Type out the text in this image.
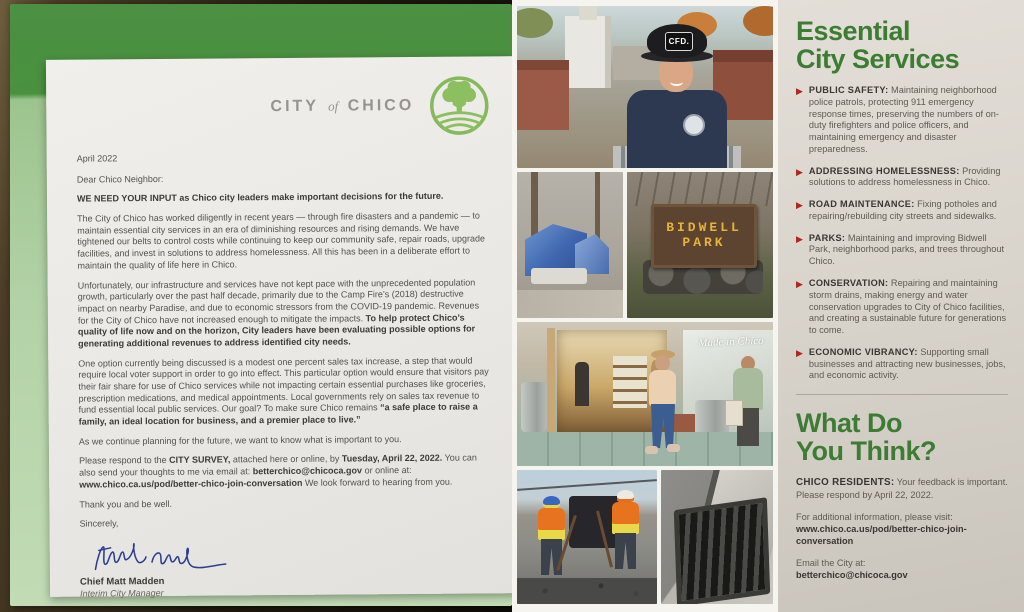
CITY of CHICO
April 2022
Dear Chico Neighbor:
WE NEED YOUR INPUT as Chico city leaders make important decisions for the future.
The City of Chico has worked diligently in recent years — through fire disasters and a pandemic — to maintain essential city services in an era of diminishing resources and rising demands. We have tightened our belts to control costs while continuing to keep our community safe, repair roads, upgrade facilities, and invest in solutions to address homelessness. All this has been in a deliberate effort to maintain the quality of life here in Chico.
Unfortunately, our infrastructure and services have not kept pace with the unprecedented population growth, particularly over the past half decade, primarily due to the Camp Fire’s (2018) destructive impact on nearby Paradise, and due to economic stressors from the COVID-19 pandemic. Revenues for the City of Chico have not increased enough to mitigate the impacts. To help protect Chico’s quality of life now and on the horizon, City leaders have been evaluating possible options for generating additional revenues to address identified city needs.
One option currently being discussed is a modest one percent sales tax increase, a step that would require local voter support in order to go into effect. This particular option would ensure that visitors pay their fair share for use of Chico services while not impacting certain essential purchases like groceries, prescription medications, and medical appointments. Local governments rely on sales tax revenue to fund essential local public services. Our goal? To make sure Chico remains “a safe place to raise a family, an ideal location for business, and a premier place to live.”
As we continue planning for the future, we want to know what is important to you.
Please respond to the CITY SURVEY, attached here or online, by Tuesday, April 22, 2022. You can also send your thoughts to me via email at: betterchico@chicoca.gov or online at: www.chico.ca.us/pod/better-chico-join-conversation We look forward to hearing from you.
Thank you and be well.
Sincerely,
Chief Matt Madden
Interim City Manager
CFD.
BIDWELL
PARK
Made in Chico
Essential
City Services
▶ PUBLIC SAFETY: Maintaining neighborhood police patrols, protecting 911 emergency response times, preserving the numbers of on-duty firefighters and police officers, and maintaining emergency and disaster preparedness.
▶ ADDRESSING HOMELESSNESS: Providing solutions to address homelessness in Chico.
▶ ROAD MAINTENANCE: Fixing potholes and repairing/rebuilding city streets and sidewalks.
▶ PARKS: Maintaining and improving Bidwell Park, neighborhood parks, and trees throughout Chico.
▶ CONSERVATION: Repairing and maintaining storm drains, making energy and water conservation upgrades to City of Chico facilities, and creating a sustainable future for generations to come.
▶ ECONOMIC VIBRANCY: Supporting small businesses and attracting new businesses, jobs, and economic activity.
What Do
You Think?
CHICO RESIDENTS: Your feedback is important. Please respond by April 22, 2022.
For additional information, please visit:
www.chico.ca.us/pod/better-chico-join-conversation
Email the City at:
betterchico@chicoca.gov
